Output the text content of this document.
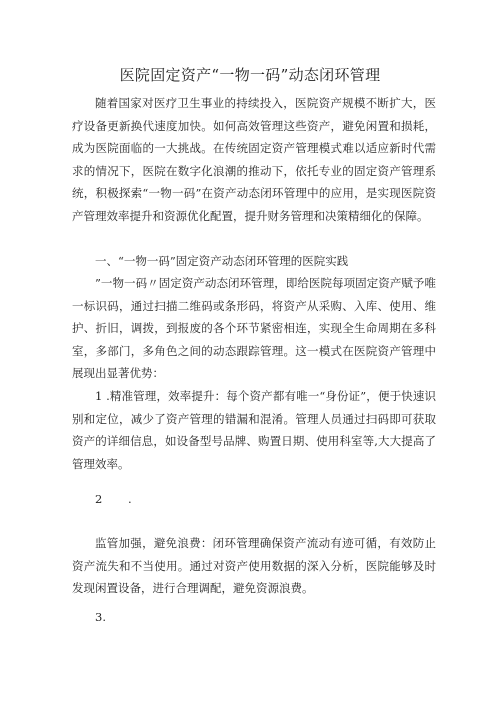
医院固定资产“一物一码”动态闭环管理

随着国家对医疗卫生事业的持续投入，医院资产规模不断扩大，医疗设备更新换代速度加快。如何高效管理这些资产，避免闲置和损耗，成为医院面临的一大挑战。在传统固定资产管理模式难以适应新时代需求的情况下，医院在数字化浪潮的推动下，依托专业的固定资产管理系统，积极探索“一物一码”在资产动态闭环管理中的应用，是实现医院资产管理效率提升和资源优化配置，提升财务管理和决策精细化的保障。

一、“一物一码”固定资产动态闭环管理的医院实践

”一物一码〃固定资产动态闭环管理，即给医院每项固定资产赋予唯一标识码，通过扫描二维码或条形码，将资产从采购、入库、使用、维护、折旧，调拨，到报废的各个环节紧密相连，实现全生命周期在多科室，多部门，多角色之间的动态跟踪管理。这一模式在医院资产管理中展现出显著优势：

1 .精准管理，效率提升：每个资产都有唯一“身份证”，便于快速识别和定位，减少了资产管理的错漏和混淆。管理人员通过扫码即可获取资产的详细信息，如设备型号品牌、购置日期、使用科室等,大大提高了管理效率。

2 .

监管加强，避免浪费：闭环管理确保资产流动有迹可循，有效防止资产流失和不当使用。通过对资产使用数据的深入分析，医院能够及时发现闲置设备，进行合理调配，避免资源浪费。

3.
